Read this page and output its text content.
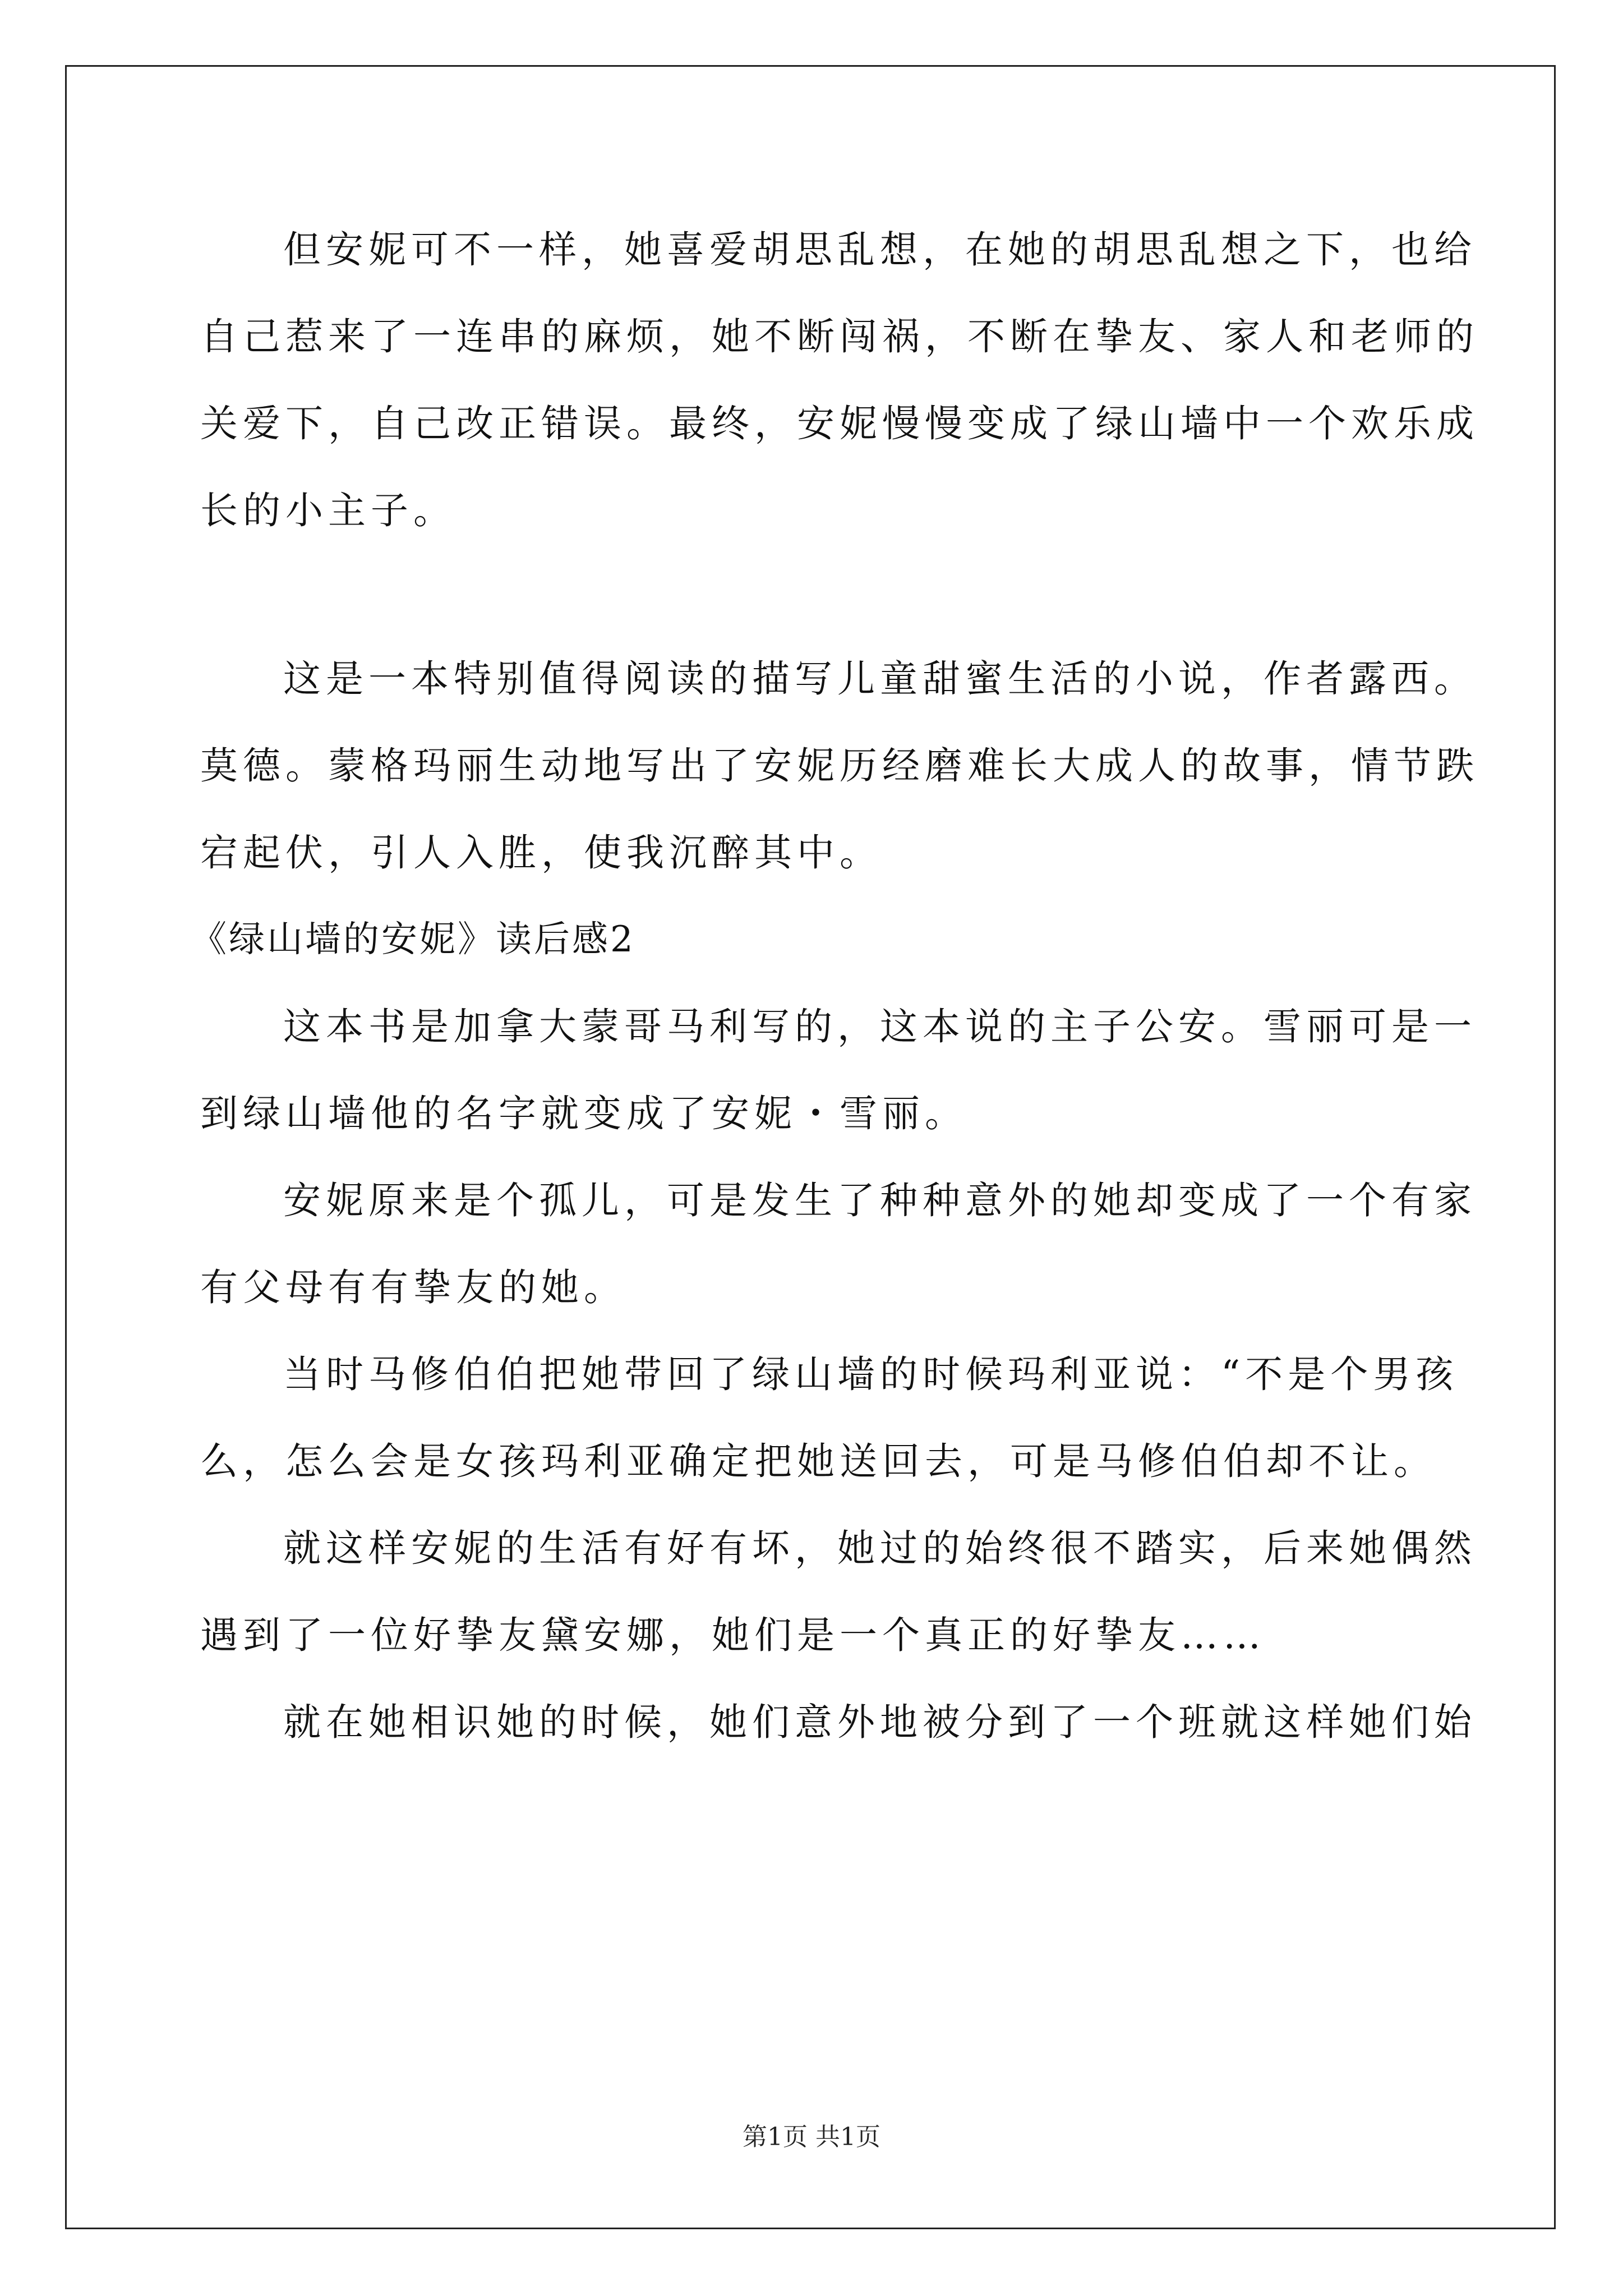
但安妮可不一样，她喜爱胡思乱想，在她的胡思乱想之下，也给
自己惹来了一连串的麻烦，她不断闯祸，不断在挚友、家人和老师的
关爱下，自己改正错误。最终，安妮慢慢变成了绿山墙中一个欢乐成
长的小主子。
这是一本特别值得阅读的描写儿童甜蜜生活的小说，作者露西。
莫德。蒙格玛丽生动地写出了安妮历经磨难长大成人的故事，情节跌
宕起伏，引人入胜，使我沉醉其中。
《绿山墙的安妮》读后感2
这本书是加拿大蒙哥马利写的，这本说的主子公安。雪丽可是一
到绿山墙他的名字就变成了安妮・雪丽。
安妮原来是个孤儿，可是发生了种种意外的她却变成了一个有家
有父母有有挚友的她。
当时马修伯伯把她带回了绿山墙的时候玛利亚说：“不是个男孩
么，怎么会是女孩玛利亚确定把她送回去，可是马修伯伯却不让。
就这样安妮的生活有好有坏，她过的始终很不踏实，后来她偶然
遇到了一位好挚友黛安娜，她们是一个真正的好挚友……
就在她相识她的时候，她们意外地被分到了一个班就这样她们始
第1页 共1页
